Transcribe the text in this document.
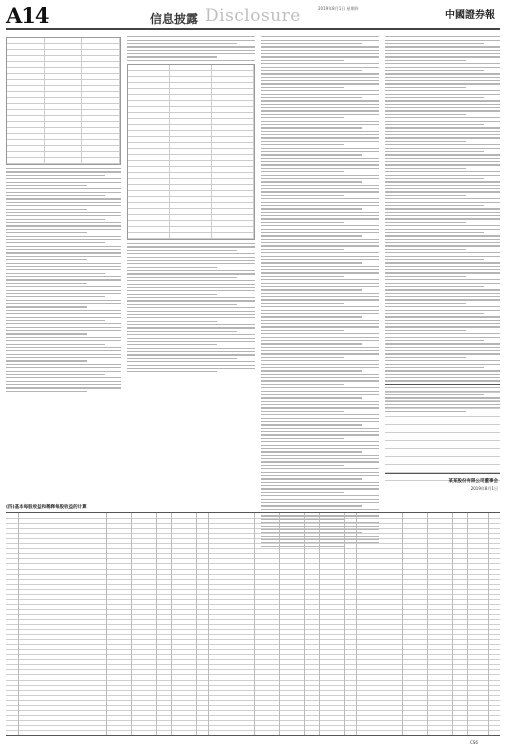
A14	信息披露 Disclosure	2019年8月1日 星期四
中國證券報
某某股份有限公司董事会
2019年8月1日
(四)基本每股收益和稀释每股收益的计算
CS6
